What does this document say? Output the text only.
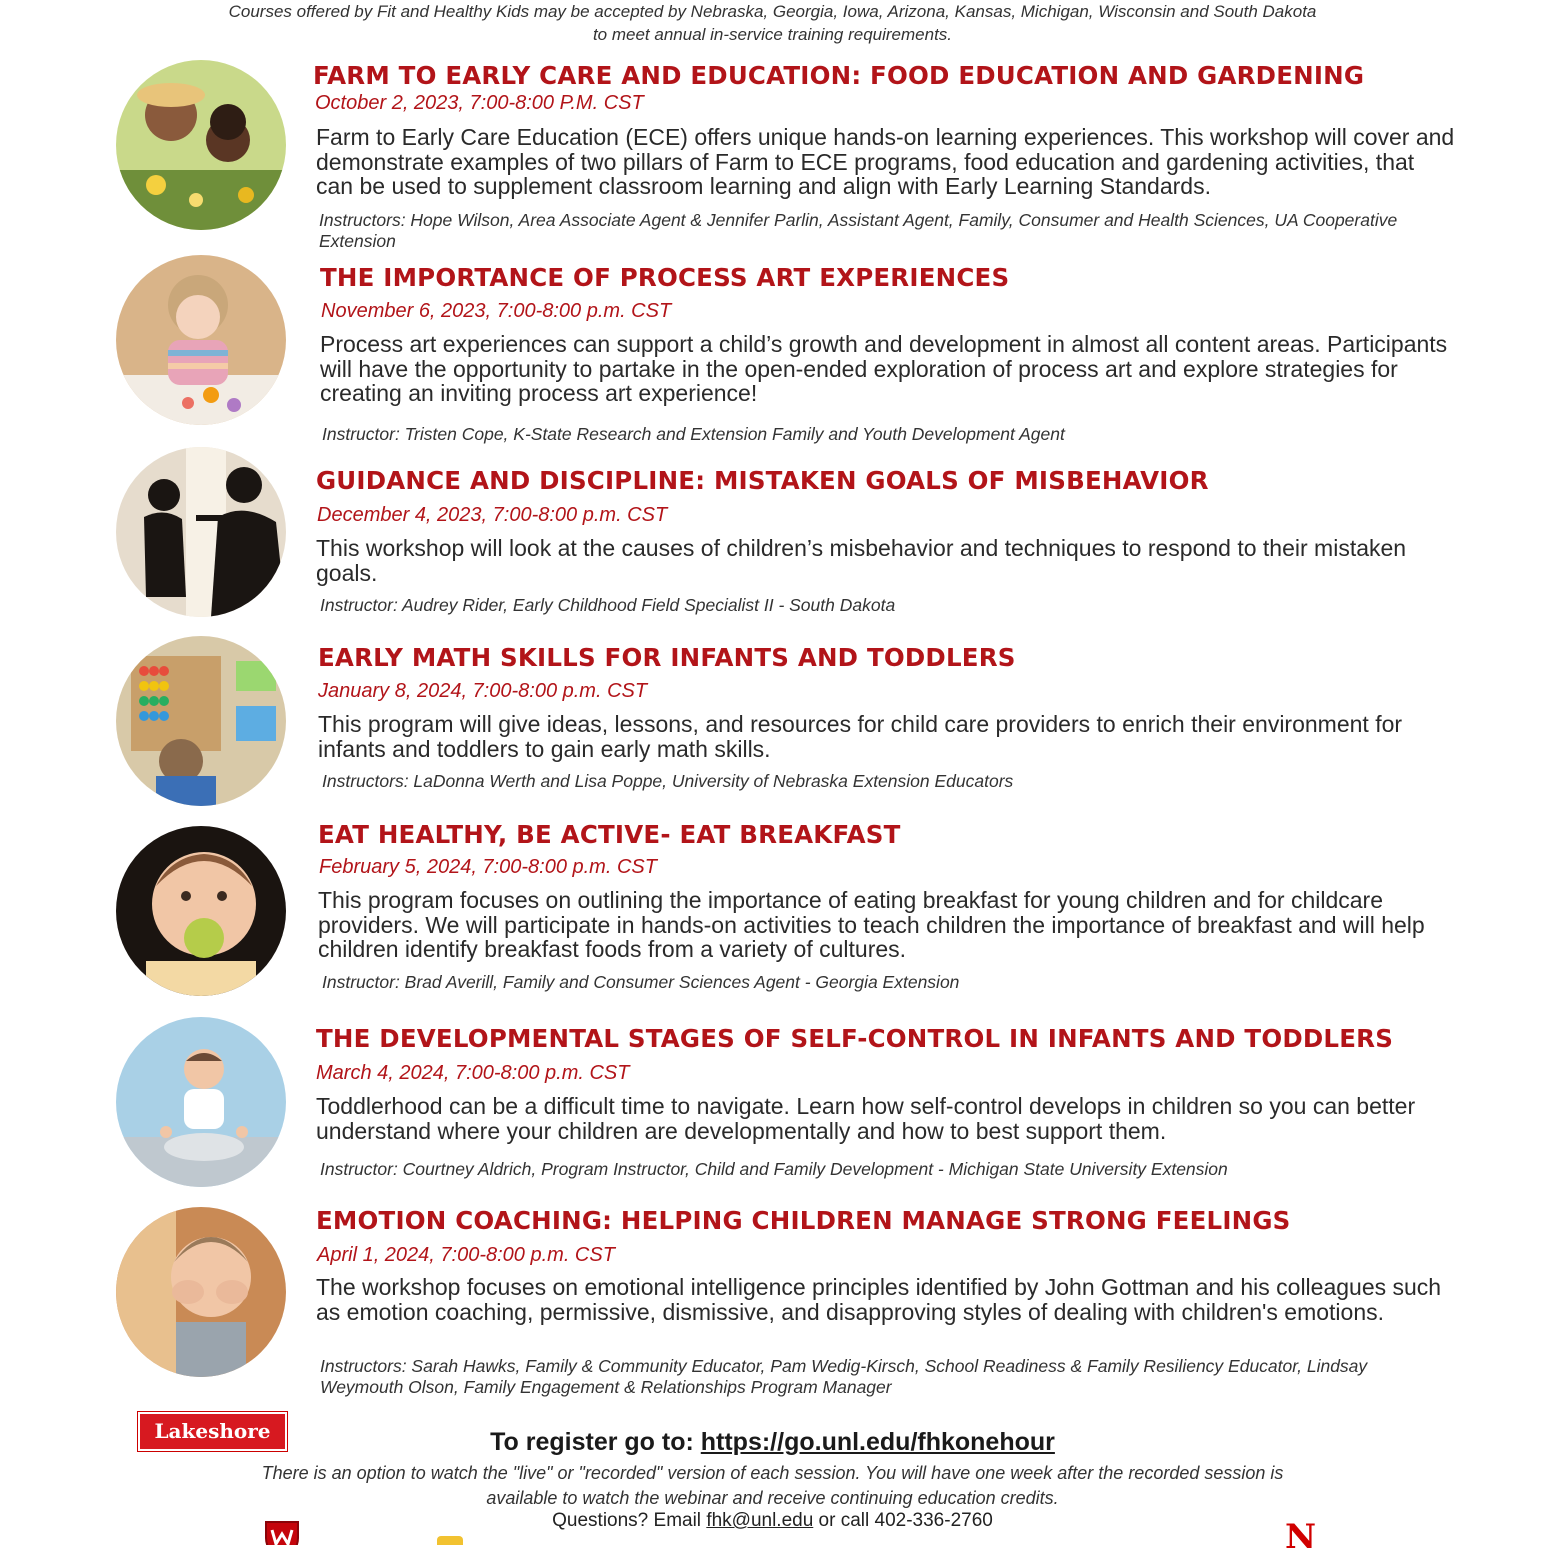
Courses offered by Fit and Healthy Kids may be accepted by Nebraska, Georgia, Iowa, Arizona, Kansas, Michigan, Wisconsin and South Dakota
to meet annual in-service training requirements.
FARM TO EARLY CARE AND EDUCATION: FOOD EDUCATION AND GARDENING
October 2, 2023, 7:00-8:00 P.M. CST
Farm to Early Care Education (ECE) offers unique hands-on learning experiences. This workshop will cover and demonstrate examples of two pillars of Farm to ECE programs, food education and gardening activities, that can be used to supplement classroom learning and align with Early Learning Standards.
Instructors: Hope Wilson, Area Associate Agent & Jennifer Parlin, Assistant Agent, Family, Consumer and Health Sciences, UA Cooperative Extension
THE IMPORTANCE OF PROCESS ART EXPERIENCES
November 6, 2023, 7:00-8:00 p.m. CST
Process art experiences can support a child’s growth and development in almost all content areas. Participants will have the opportunity to partake in the open-ended exploration of process art and explore strategies for creating an inviting process art experience!
Instructor: Tristen Cope, K-State Research and Extension Family and Youth Development Agent
GUIDANCE AND DISCIPLINE: MISTAKEN GOALS OF MISBEHAVIOR
December 4, 2023, 7:00-8:00 p.m. CST
This workshop will look at the causes of children’s misbehavior and techniques to respond to their mistaken goals.
Instructor: Audrey Rider, Early Childhood Field Specialist II - South Dakota
EARLY MATH SKILLS FOR INFANTS AND TODDLERS
January 8, 2024, 7:00-8:00 p.m. CST
This program will give ideas, lessons, and resources for child care providers to enrich their environment for infants and toddlers to gain early math skills.
Instructors: LaDonna Werth and Lisa Poppe, University of Nebraska Extension Educators
EAT HEALTHY, BE ACTIVE- EAT BREAKFAST
February 5, 2024, 7:00-8:00 p.m. CST
This program focuses on outlining the importance of eating breakfast for young children and for childcare providers. We will participate in hands-on activities to teach children the importance of breakfast and will help children identify breakfast foods from a variety of cultures.
Instructor: Brad Averill, Family and Consumer Sciences Agent - Georgia Extension
THE DEVELOPMENTAL STAGES OF SELF-CONTROL IN INFANTS AND TODDLERS
March 4, 2024, 7:00-8:00 p.m. CST
Toddlerhood can be a difficult time to navigate. Learn how self-control develops in children so you can better understand where your children are developmentally and how to best support them.
Instructor: Courtney Aldrich, Program Instructor, Child and Family Development - Michigan State University Extension
EMOTION COACHING: HELPING CHILDREN MANAGE STRONG FEELINGS
April 1, 2024, 7:00-8:00 p.m. CST
The workshop focuses on emotional intelligence principles identified by John Gottman and his colleagues such as emotion coaching, permissive, dismissive, and disapproving styles of dealing with children's emotions.
Instructors: Sarah Hawks, Family & Community Educator, Pam Wedig-Kirsch, School Readiness & Family Resiliency Educator, Lindsay Weymouth Olson, Family Engagement & Relationships Program Manager
Lakeshore	To register go to: https://go.unl.edu/fhkonehour
There is an option to watch the "live" or "recorded" version of each session. You will have one week after the recorded session is
available to watch the webinar and receive continuing education credits.
Questions? Email fhk@unl.edu or call 402-336-2760	N
